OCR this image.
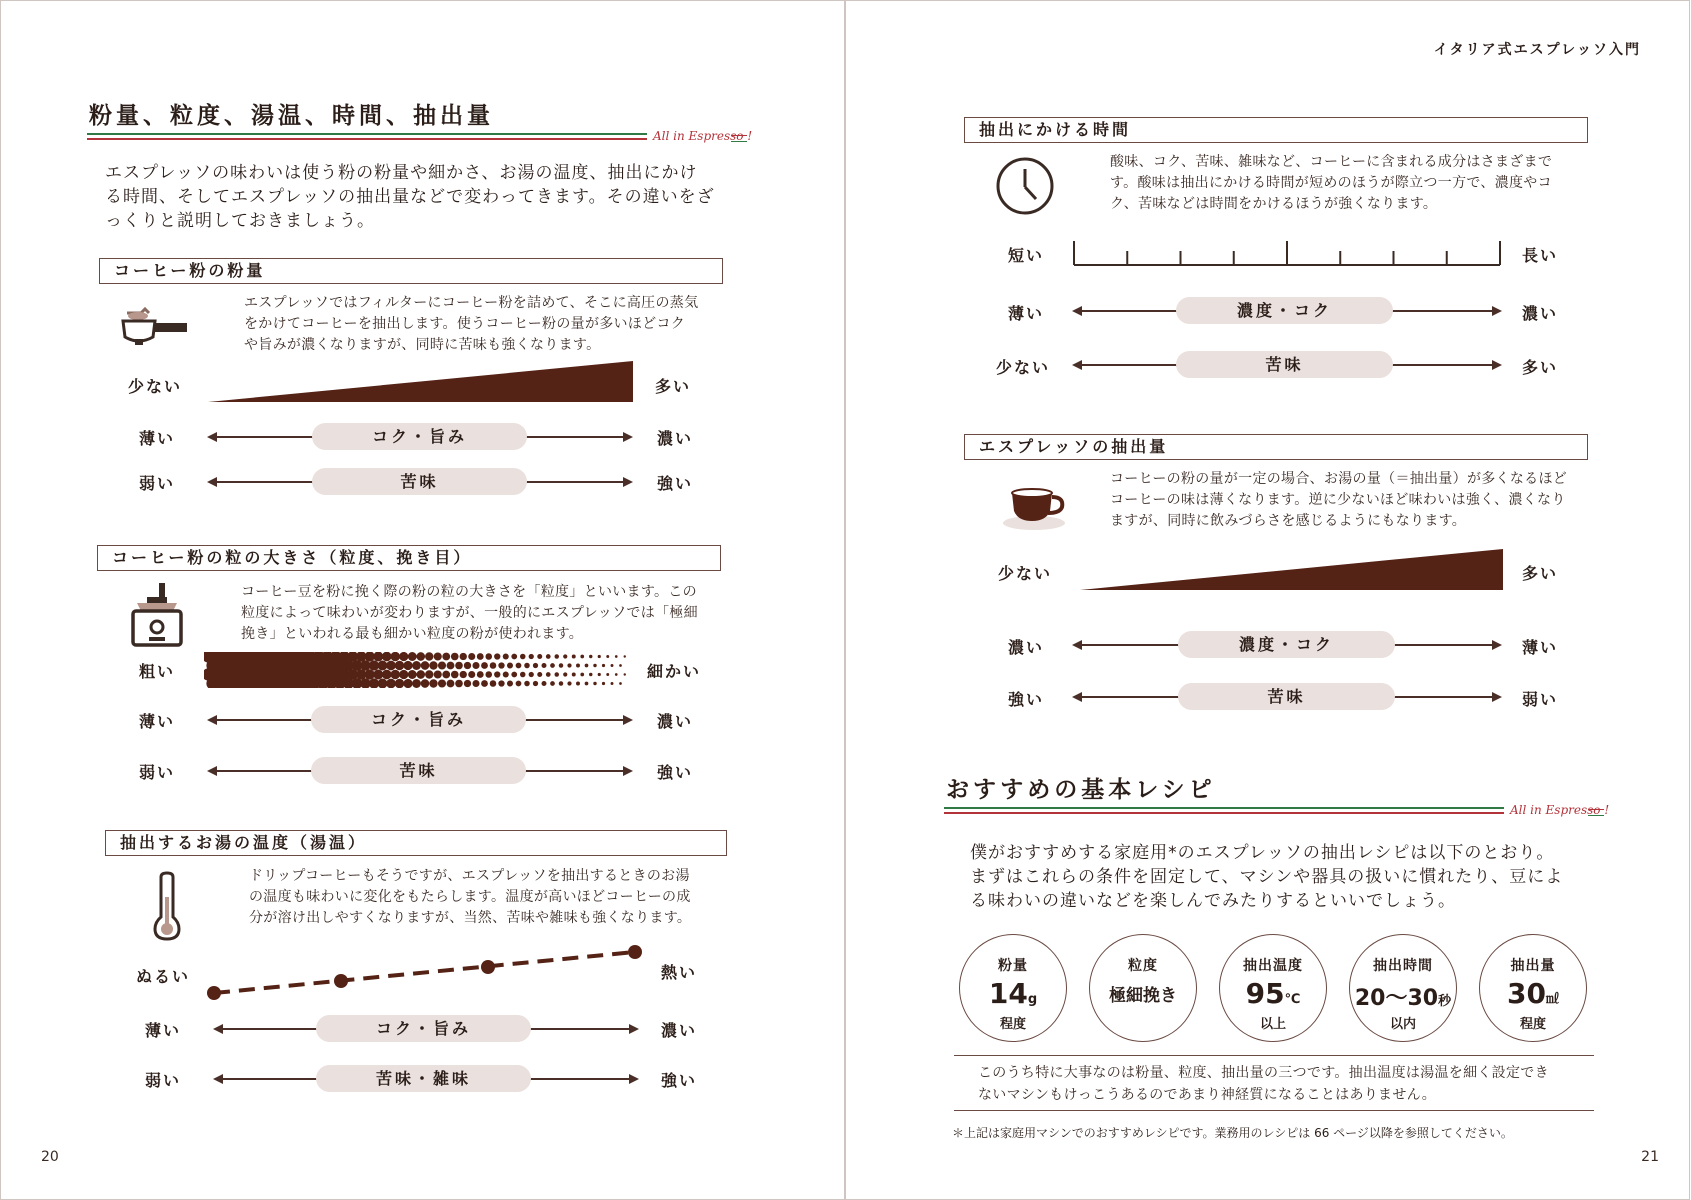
粉量、粒度、湯温、時間、抽出量
All in Espresso !
エスプレッソの味わいは使う粉の粉量や細かさ、お湯の温度、抽出にかける時間、そしてエスプレッソの抽出量などで変わってきます。その違いをざっくりと説明しておきましょう。
コーヒー粉の粉量
エスプレッソではフィルターにコーヒー粉を詰めて、そこに高圧の蒸気をかけてコーヒーを抽出します。使うコーヒー粉の量が多いほどコクや旨みが濃くなりますが、同時に苦味も強くなります。
少ない	多い
薄い	コク・旨み	濃い
弱い	苦味	強い
コーヒー粉の粒の大きさ（粒度、挽き目）
コーヒー豆を粉に挽く際の粉の粒の大きさを「粒度」といいます。この粒度によって味わいが変わりますが、一般的にエスプレッソでは「極細挽き」といわれる最も細かい粒度の粉が使われます。
粗い	細かい
薄い	コク・旨み	濃い
弱い	苦味	強い
抽出するお湯の温度（湯温）
ドリップコーヒーもそうですが、エスプレッソを抽出するときのお湯の温度も味わいに変化をもたらします。温度が高いほどコーヒーの成分が溶け出しやすくなりますが、当然、苦味や雑味も強くなります。
ぬるい	熱い
薄い	コク・旨み	濃い
弱い	苦味・雑味	強い
20
イタリア式エスプレッソ入門
抽出にかける時間
酸味、コク、苦味、雑味など、コーヒーに含まれる成分はさまざまです。酸味は抽出にかける時間が短めのほうが際立つ一方で、濃度やコク、苦味などは時間をかけるほうが強くなります。
短い	長い
薄い	濃度・コク	濃い
少ない	苦味	多い
エスプレッソの抽出量
コーヒーの粉の量が一定の場合、お湯の量（＝抽出量）が多くなるほどコーヒーの味は薄くなります。逆に少ないほど味わいは強く、濃くなりますが、同時に飲みづらさを感じるようにもなります。
少ない	多い
濃い	濃度・コク	薄い
強い	苦味	弱い
おすすめの基本レシピ
All in Espresso !
僕がおすすめする家庭用*のエスプレッソの抽出レシピは以下のとおり。まずはこれらの条件を固定して、マシンや器具の扱いに慣れたり、豆による味わいの違いなどを楽しんでみたりするといいでしょう。
粉量
14g
程度
粒度
極細挽き
抽出温度
95℃
以上
抽出時間
20〜30秒
以内
抽出量
30㎖
程度
このうち特に大事なのは粉量、粒度、抽出量の三つです。抽出温度は湯温を細く設定できないマシンもけっこうあるのであまり神経質になることはありません。
＊上記は家庭用マシンでのおすすめレシピです。業務用のレシピは 66 ページ以降を参照してください。
21
